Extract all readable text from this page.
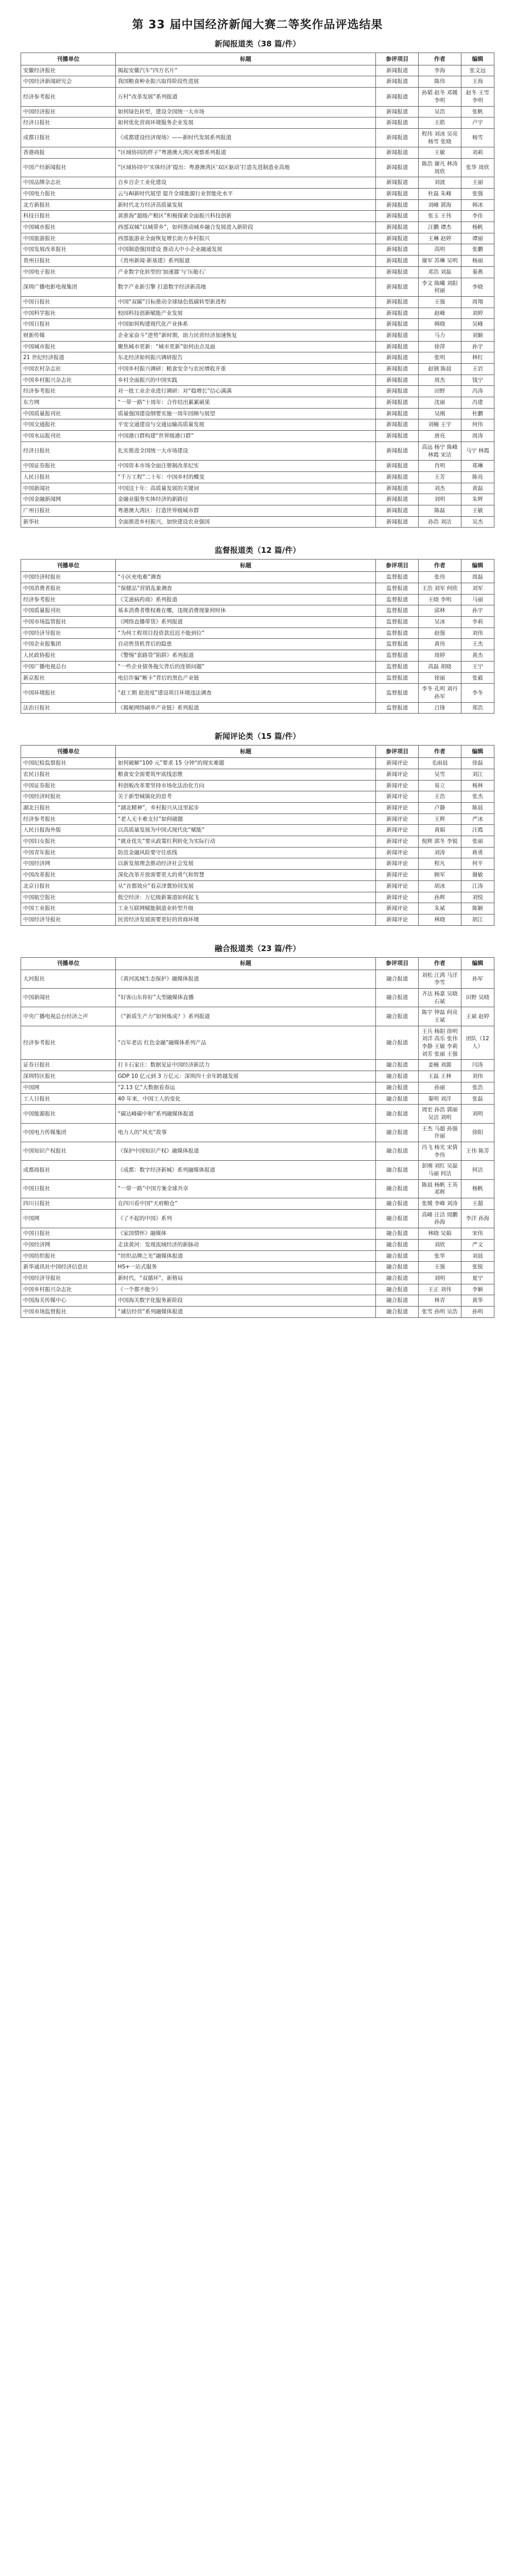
第 33 届中国经济新闻大赛二等奖作品评选结果
新闻报道类（38 篇/件）
刊播单位	标题	参评项目	作者	编辑
安徽经济报社	揭起安徽汽车“四方名片”	新闻报道	李海	张文远
中国经济新闻研究会	我国粮食种业振兴取得阶段性进展	新闻报道	陈伟	王海
经济参考报社	万村“改革发展”系列报道	新闻报道	孙韬 赵冬 邓媛 李明	赵冬 王雪 李明
中国经济报社	如何绿色转型，建设全国统一大市场	新闻报道	吴浩	张帆
经济日报社	如何优化营商环境服务企业发展	新闻报道	王皓	卢宇
成都日报社	《成都建设经济现场》——新时代发展系列报道	新闻报道	程伟 刘冰 吴亮 杨雪 张晓	杨雪
香港商报	“区域协同的样子”粤港澳大湾区观察系列报道	新闻报道	王敏	刘莉
中国产经新闻报社	“区域协同中‘实体经济’提出：粤港澳湾区‘双区驱动’打造先进制造业高地	新闻报道	陈浩 谢凡 林涛 周欣	张华 周欣
中国品牌杂志社	百乡百企工业化建设	新闻报道	刘波	王丽
中国电力报社	云与AI新时代展望 提升全球能源行业智能化水平	新闻报道	杜磊 朱峰	张强
北方新报社	新时代北方经济高质量发展	新闻报道	刘峰 郭海	韩冰
科技日报社	黄淮海“超级产粮区”积极探索全面振兴科技创新	新闻报道	张玉 王伟	李佳
中国城市报社	西部双城“以城带乡”，如何推动城乡融合发展进入新阶段	新闻报道	汪鹏 谭杰	杨帆
中国旅游报社	西部旅游业全面恢复增长助力乡村振兴	新闻报道	王琳 赵婷	谭丽
中国发展改革报社	中国制造强国建设 推动大中小企业融通发展	新闻报道	高明	张鹏
贵州日报社	《贵州新闻·新基建》系列报道	新闻报道	谢军 苏琳 吴明	杨丽
中国电子报社	产业数字化转型的‘加速器’与‘压舱石’	新闻报道	邓浩 刘磊	秦燕
深圳广播电影电视集团	数字产业新引擎 打造数字经济新高地	新闻报道	李文 陈曦 刘阳 何丽	李晓
中国日报社	中国“双碳”目标推动全球绿色低碳转型新进程	新闻报道	王强	周翔
中国科学报社	校园科技创新赋能产业发展	新闻报道	赵峰	刘婷
中国日报社	中国如何构建现代化产业体系	新闻报道	韩晓	吴峰
财新传媒	企业家奋斗“逆势”新时期，助力民营经济加速恢复	新闻报道	马力	刘颖
中国城市报社	聚焦城市更新：“城市更新”如何由点及面	新闻报道	徐萍	孙宇
21 世纪经济报道	东北经济如何振兴调研报告	新闻报道	张明	林红
中国农村杂志社	中国乡村振兴调研：粮食安全与农民增收并重	新闻报道	赵钢 陈晨	王岩
中国乡村振兴杂志社	乡村全面振兴的中国实践	新闻报道	周杰	钱宁
经济参考报社	对一批工业企业进行调研：对“稳增长”信心满满	新闻报道	田野	冯涛
东方网	“一带一路”十周年：合作结出累累硕果	新闻报道	沈丽	冯建
中国质量报刊社	质量强国建设纲要实施一周年回顾与展望	新闻报道	吴刚	杜鹏
中国交通报社	平安交通建设与交通运输高质量发展	新闻报道	刘楠 王宇	何伟
中国水运报刊社	中国港口群构建“世界级港口群”	新闻报道	唐亮	周涛
经济日报社	扎实推进全国统一大市场建设	新闻报道	高远 杨宁 陈峰 林霞 宋洁	马宁 林霞
中国证券报社	中国资本市场全面注册制改革纪实	新闻报道	肖明	郑琳
人民日报社	“千万工程”二十年：中国乡村的蝶变	新闻报道	王芳	陈亮
中国新闻社	中国这十年：高质量发展的关键词	新闻报道	刘杰	黄磊
中国金融新闻网	金融业服务实体经济的新路径	新闻报道	刘明	朱辉
广州日报社	粤港澳大湾区：打造世界级城市群	新闻报道	陈磊	王敏
新华社	全面推进乡村振兴，加快建设农业强国	新闻报道	孙浩 刘洁	吴杰
监督报道类（12 篇/件）
刊播单位	标题	参评项目	作者	编辑
中国经济时报社	“小区充电难”调查	监督报道	张伟	周磊
中国消费者报社	“保健品”营销乱象调查	监督报道	王浩 刘军 何欣	刘军
经济参考报社	《艾滋病药商》系列报道	监督报道	王晓 李明	马丽
中国质量报刊社	基本消费者维权难在哪，违规消费现象何时休	监督报道	邱林	孙宇
中国市场监管报社	《网络直播带货》系列报道	监督报道	吴冰	李莉
中国经济导报社	“为何工程项目投资款迟迟不能到位”	监督报道	赵强	刘伟
中国企业报集团	自动售货机背后的隐患	监督报道	黄伟	王杰
人民政协报社	《警惕“套路贷”陷阱》系列报道	监督报道	周婷	黄杰
中国广播电视总台	“一些企业债务拖欠背后的连锁问题”	监督报道	高磊 胡晓	王宁
新京报社	电信诈骗“断卡”背后的黑色产业链	监督报道	徐丽	张毅
中国环境报社	“赶工期 抢进度”建设项目环境违法调查	监督报道	李冬 孔明 刘丹 孙军	李冬
法治日报社	《揭秘网络刷单产业链》系列报道	监督报道	吕锋	郑浩
新闻评论类（15 篇/件）
刊播单位	标题	参评项目	作者	编辑
中国纪检监察报社	如何破解“100 元”要求 15 分钟“的现实难题	新闻评论	毛雨晨	徐磊
农民日报社	粮食安全需要筑牢底线思维	新闻评论	吴雪	刘江
中国证券报社	科创板改革要坚持市场化法治化方向	新闻评论	易立	杨林
中国经济时报社	关于新型城镇化的思考	新闻评论	王浩	张杰
湖北日报社	“湖北精神”，乡村振兴从这里起步	新闻评论	卢静	陈晨
经济参考报社	“老人无卡难支付”如何破题	新闻评论	王辉	严冰
人民日报海外版	以高质量发展为中国式现代化“赋能”	新闻评论	黄娟	汪霞
中国妇女报社	“就业优先”要从政策红利转化为实际行动	新闻评论	倪辉 郭冬 李锐	张丽
中国青年报社	防范金融风险要守住底线	新闻评论	刘涛	蒋勇
中国经济网	以新发展理念推动经济社会发展	新闻评论	程凡	何平
中国改革报社	深化改革开放需要更大的勇气和智慧	新闻评论	顾军	谢敏
北京日报社	从“首都效应”看京津冀协同发展	新闻评论	胡冰	江涛
中国航空报社	低空经济：万亿级新赛道如何起飞	新闻评论	孙辉	刘悦
中国工业报社	工业互联网赋能制造业转型升级	新闻评论	朱斌	陈颖
中国经济导报社	民营经济发展需要更好的营商环境	新闻评论	林晓	胡江
融合报道类（23 篇/件）
刊播单位	标题	参评项目	作者	编辑
大河报社	《黄河流域生态保护》融媒体报道	融合报道	刘松 江鸿 马洋 李雪	孙军
中国新闻社	“好客山东你好”大型融媒体直播	融合报道	齐达 杨嘉 吴晓 石斌	田野 吴晓
中央广播电视总台经济之声	《“新质生产力”如何炼成？》系列报道	融合报道	陈宇 钟磊 何亮 王斌	王斌 赵婷
经济参考报社	“百年老店 红色金融”融媒体系列产品	融合报道	王兵 杨阳 徐明 刘洋 高乐 张伟 李静 王敏 李莉 刘芳 张丽 王强	团队（12 人）
证券日报社	打卡石家庄：数据见证中国经济新活力	融合报道	姜楠 刘源	闫涛
深圳特区报社	GDP 10 亿元到 3 万亿元：深圳四十余年跨越发展	融合报道	王磊 王林	刘伟
中国网	“2.13 亿”大数据看春运	融合报道	孙丽	张浩
工人日报社	40 年来，中国工人的变化	融合报道	秦明 刘洋	张磊
中国能源报社	“碳达峰碳中和”系列融媒体报道	融合报道	周宏 孙浩 郭丽 吴洁 刘明	刘明
中国电力传媒集团	电力人的“风光”故事	融合报道	王杰 马超 孙强 许丽	徐阳
中国知识产权报社	《保护中国知识产权》融媒体报道	融合报道	冯飞 杨光 宋倩 李伟	王伟 陈芳
成都商报社	《成都：数字经济新城》系列融媒体报道	融合报道	彭刚 刘红 吴磊 马丽 何洁	何洁
中国日报社	“一带一路”中国方案全球共享	融合报道	陈晨 杨帆 王英 邓辉	杨帆
四川日报社	在四川看中国“天府粮仓”	融合报道	张媛 李峰 刘涛	王超
中国网	《了不起的中国》系列	融合报道	高峰 汪洁 周鹏 孙海	李洋 孙海
中国日报社	《家国情怀》融媒体	融合报道	林晓 吴娟	宋伟
中国经济网	走读黄河：发现流域经济的新脉动	融合报道	刘欣	严文
中国纺织报社	“纺织品牌之光”融媒体报道	融合报道	张华	刘晨
新华通讯社中国经济信息社	HS+一站式服务	融合报道	王强	张锐
中国经济导报社	新时代，“双循环”，新格局	融合报道	刘明	夏宁
中国乡村振兴杂志社	《一个都不能少》	融合报道	王正 刘伟	李颖
中国海关传媒中心	中国海关数字化服务新阶段	融合报道	林青	黄华
中国市场监督报社	“诚信经营”系列融媒体报道	融合报道	张雪 孙明 吴浩	孙明
